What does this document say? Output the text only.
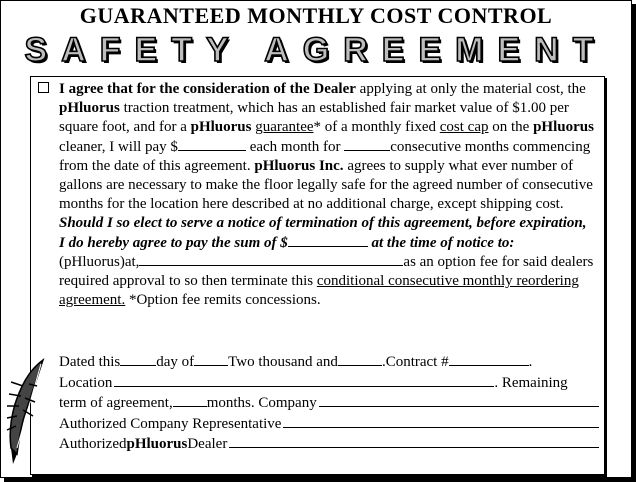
GUARANTEED MONTHLY COST CONTROL
SAFETY AGREEMENT
I agree that for the consideration of the Dealer applying at only the material cost, the pHluorus traction treatment, which has an established fair market value of $1.00 per square foot, and for a pHluorus guarantee* of a monthly fixed cost cap on the pHluorus cleaner, I will pay $	each month for	consecutive months commencing from the date of this agreement. pHluorus Inc. agrees to supply what ever number of gallons are necessary to make the floor legally safe for the agreed number of consecutive months for the location here described at no additional charge, except shipping cost. Should I so elect to serve a notice of termination of this agreement, before expiration, I do hereby agree to pay the sum of $	at the time of notice to: (pHluorus)at,	as an option fee for said dealers required approval to so then terminate this conditional consecutive monthly reordering agreement. *Option fee remits concessions.
Dated this day of Two thousand and	.Contract #	.
Location	. Remaining
term of agreement, months. Company
Authorized Company Representative
Authorized pHluorus Dealer
